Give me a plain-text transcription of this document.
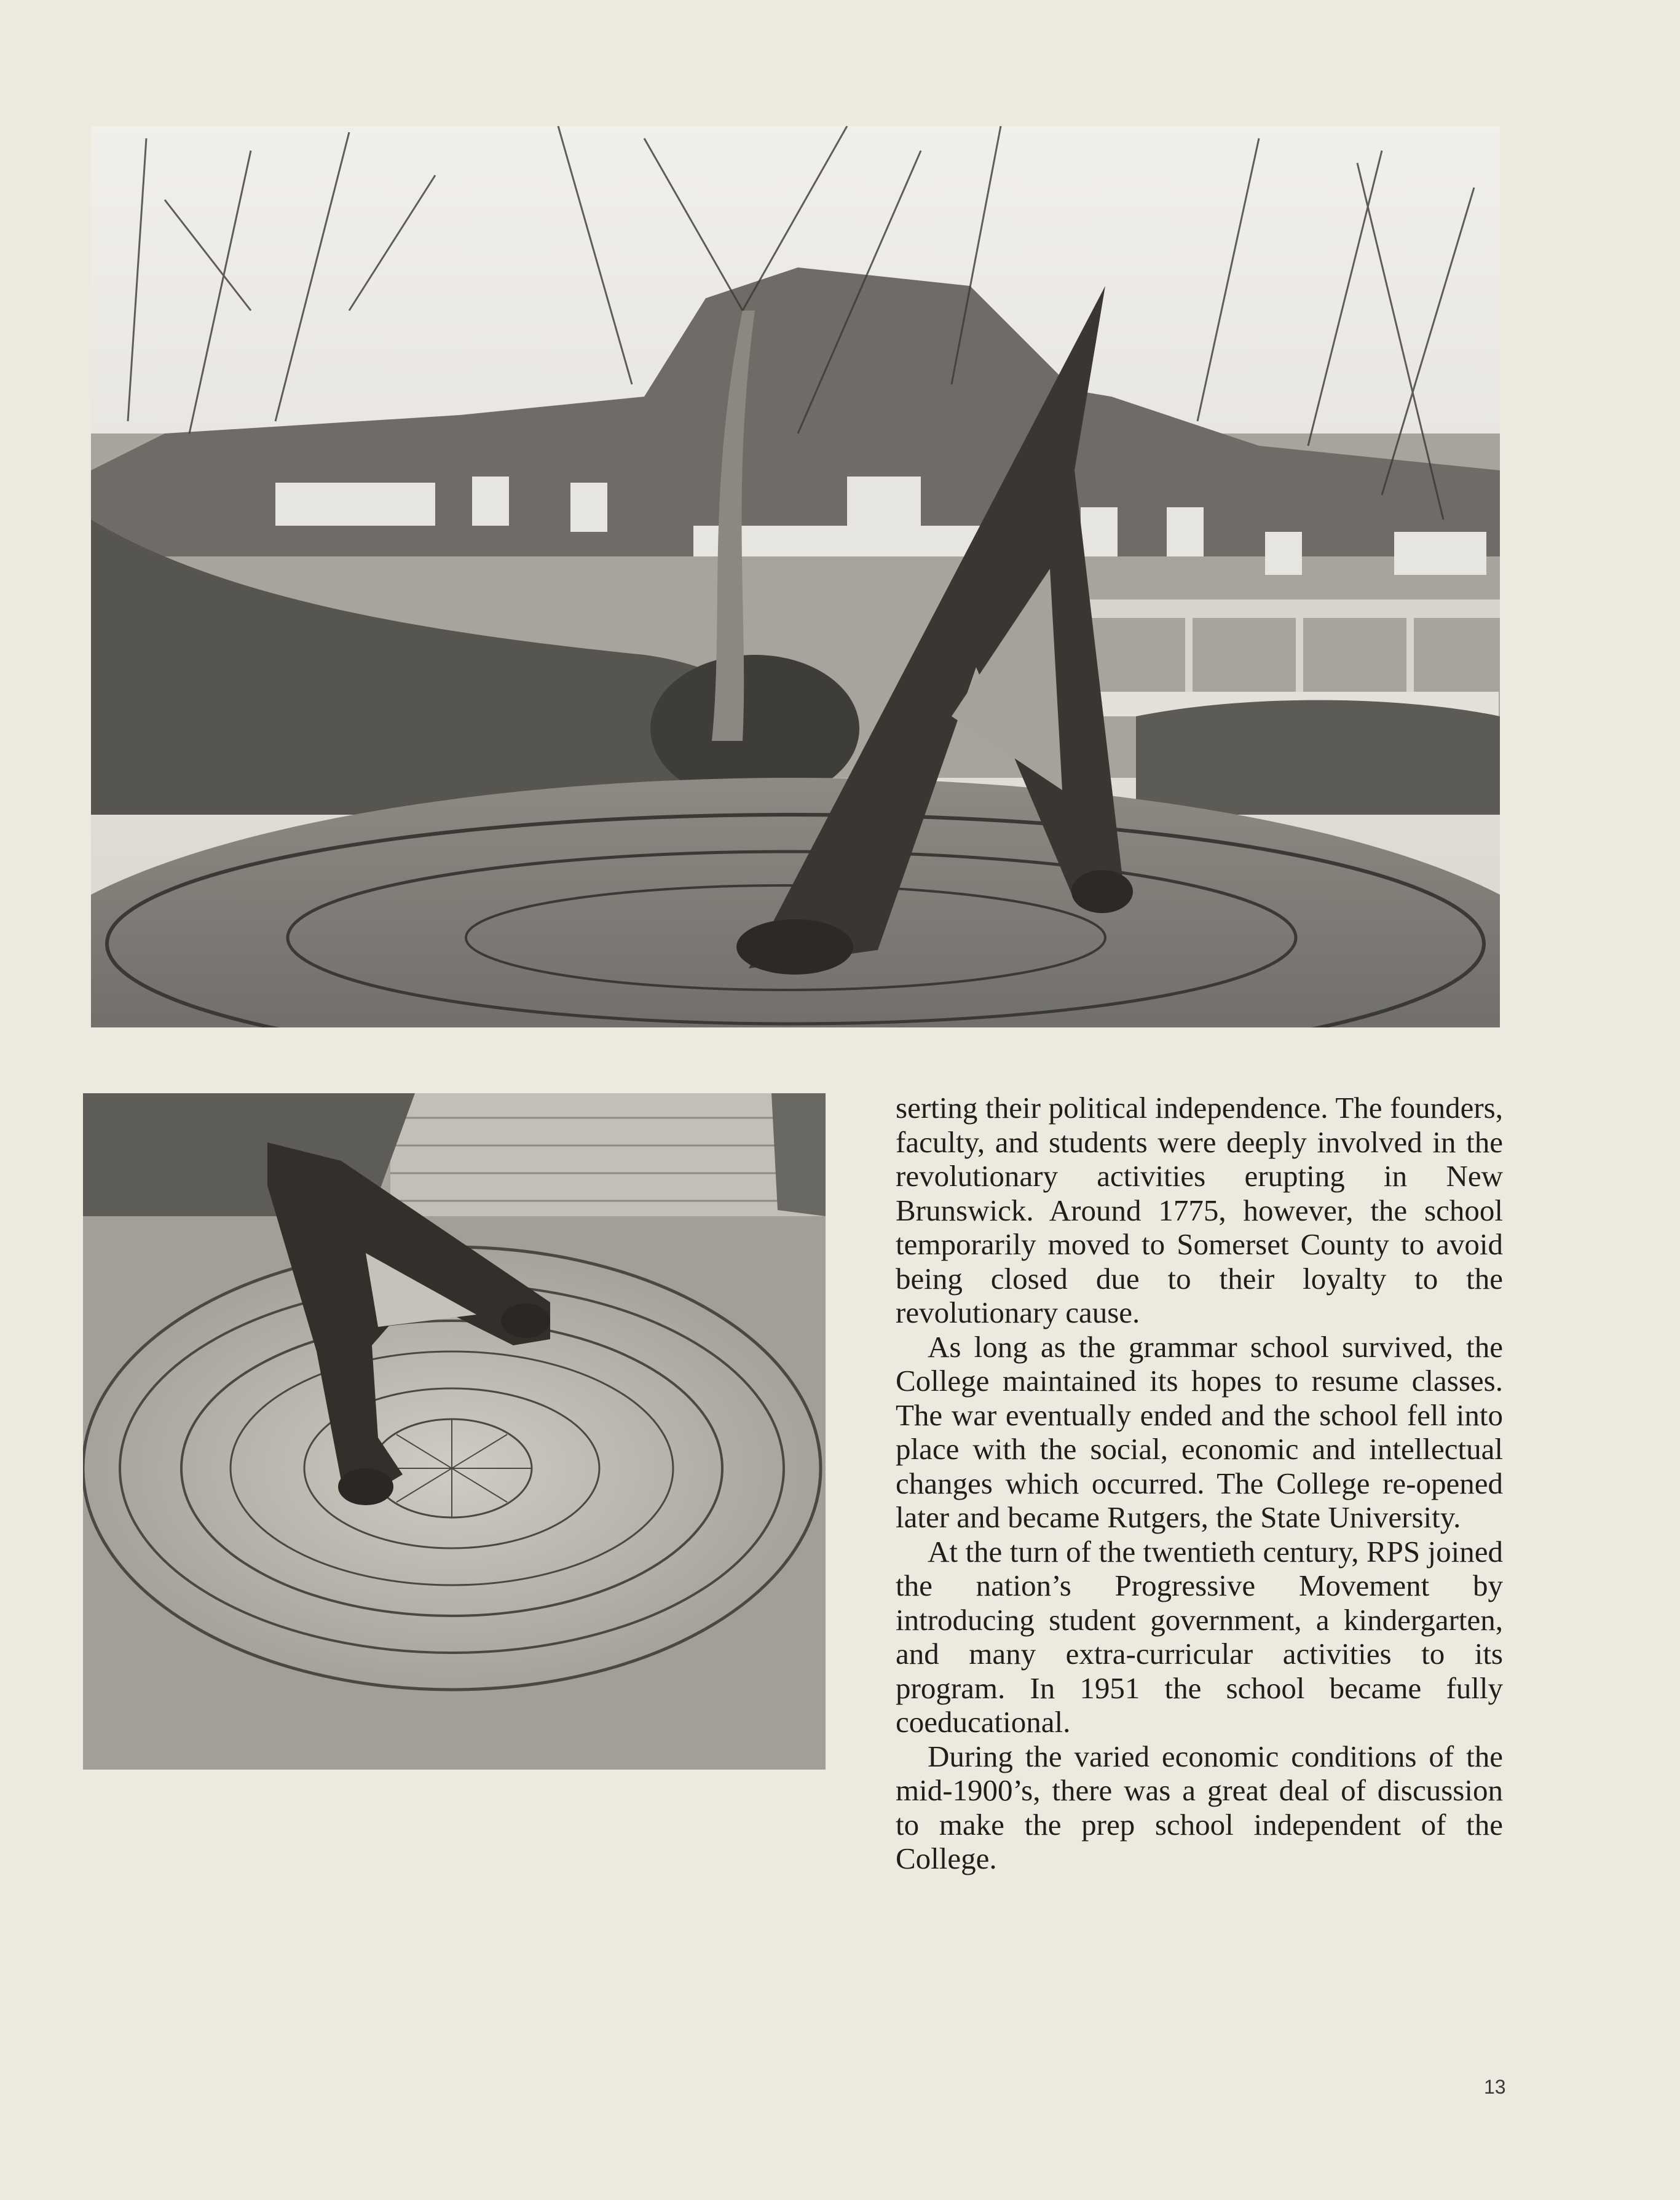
serting their political independence. The founders, faculty, and students were deeply involved in the revolutionary activities erupting in New Brunswick. Around 1775, however, the school temporarily moved to Somerset County to avoid being closed due to their loyalty to the revolutionary cause.

As long as the grammar school survived, the College maintained its hopes to resume classes. The war eventually ended and the school fell into place with the social, economic and intellectual changes which occurred. The College re-opened later and became Rutgers, the State University.

At the turn of the twentieth century, RPS joined the nation’s Progressive Movement by introducing student government, a kindergarten, and many extra-curricular activities to its program. In 1951 the school became fully coeducational.

During the varied economic conditions of the mid-1900’s, there was a great deal of discussion to make the prep school independent of the College.

13
